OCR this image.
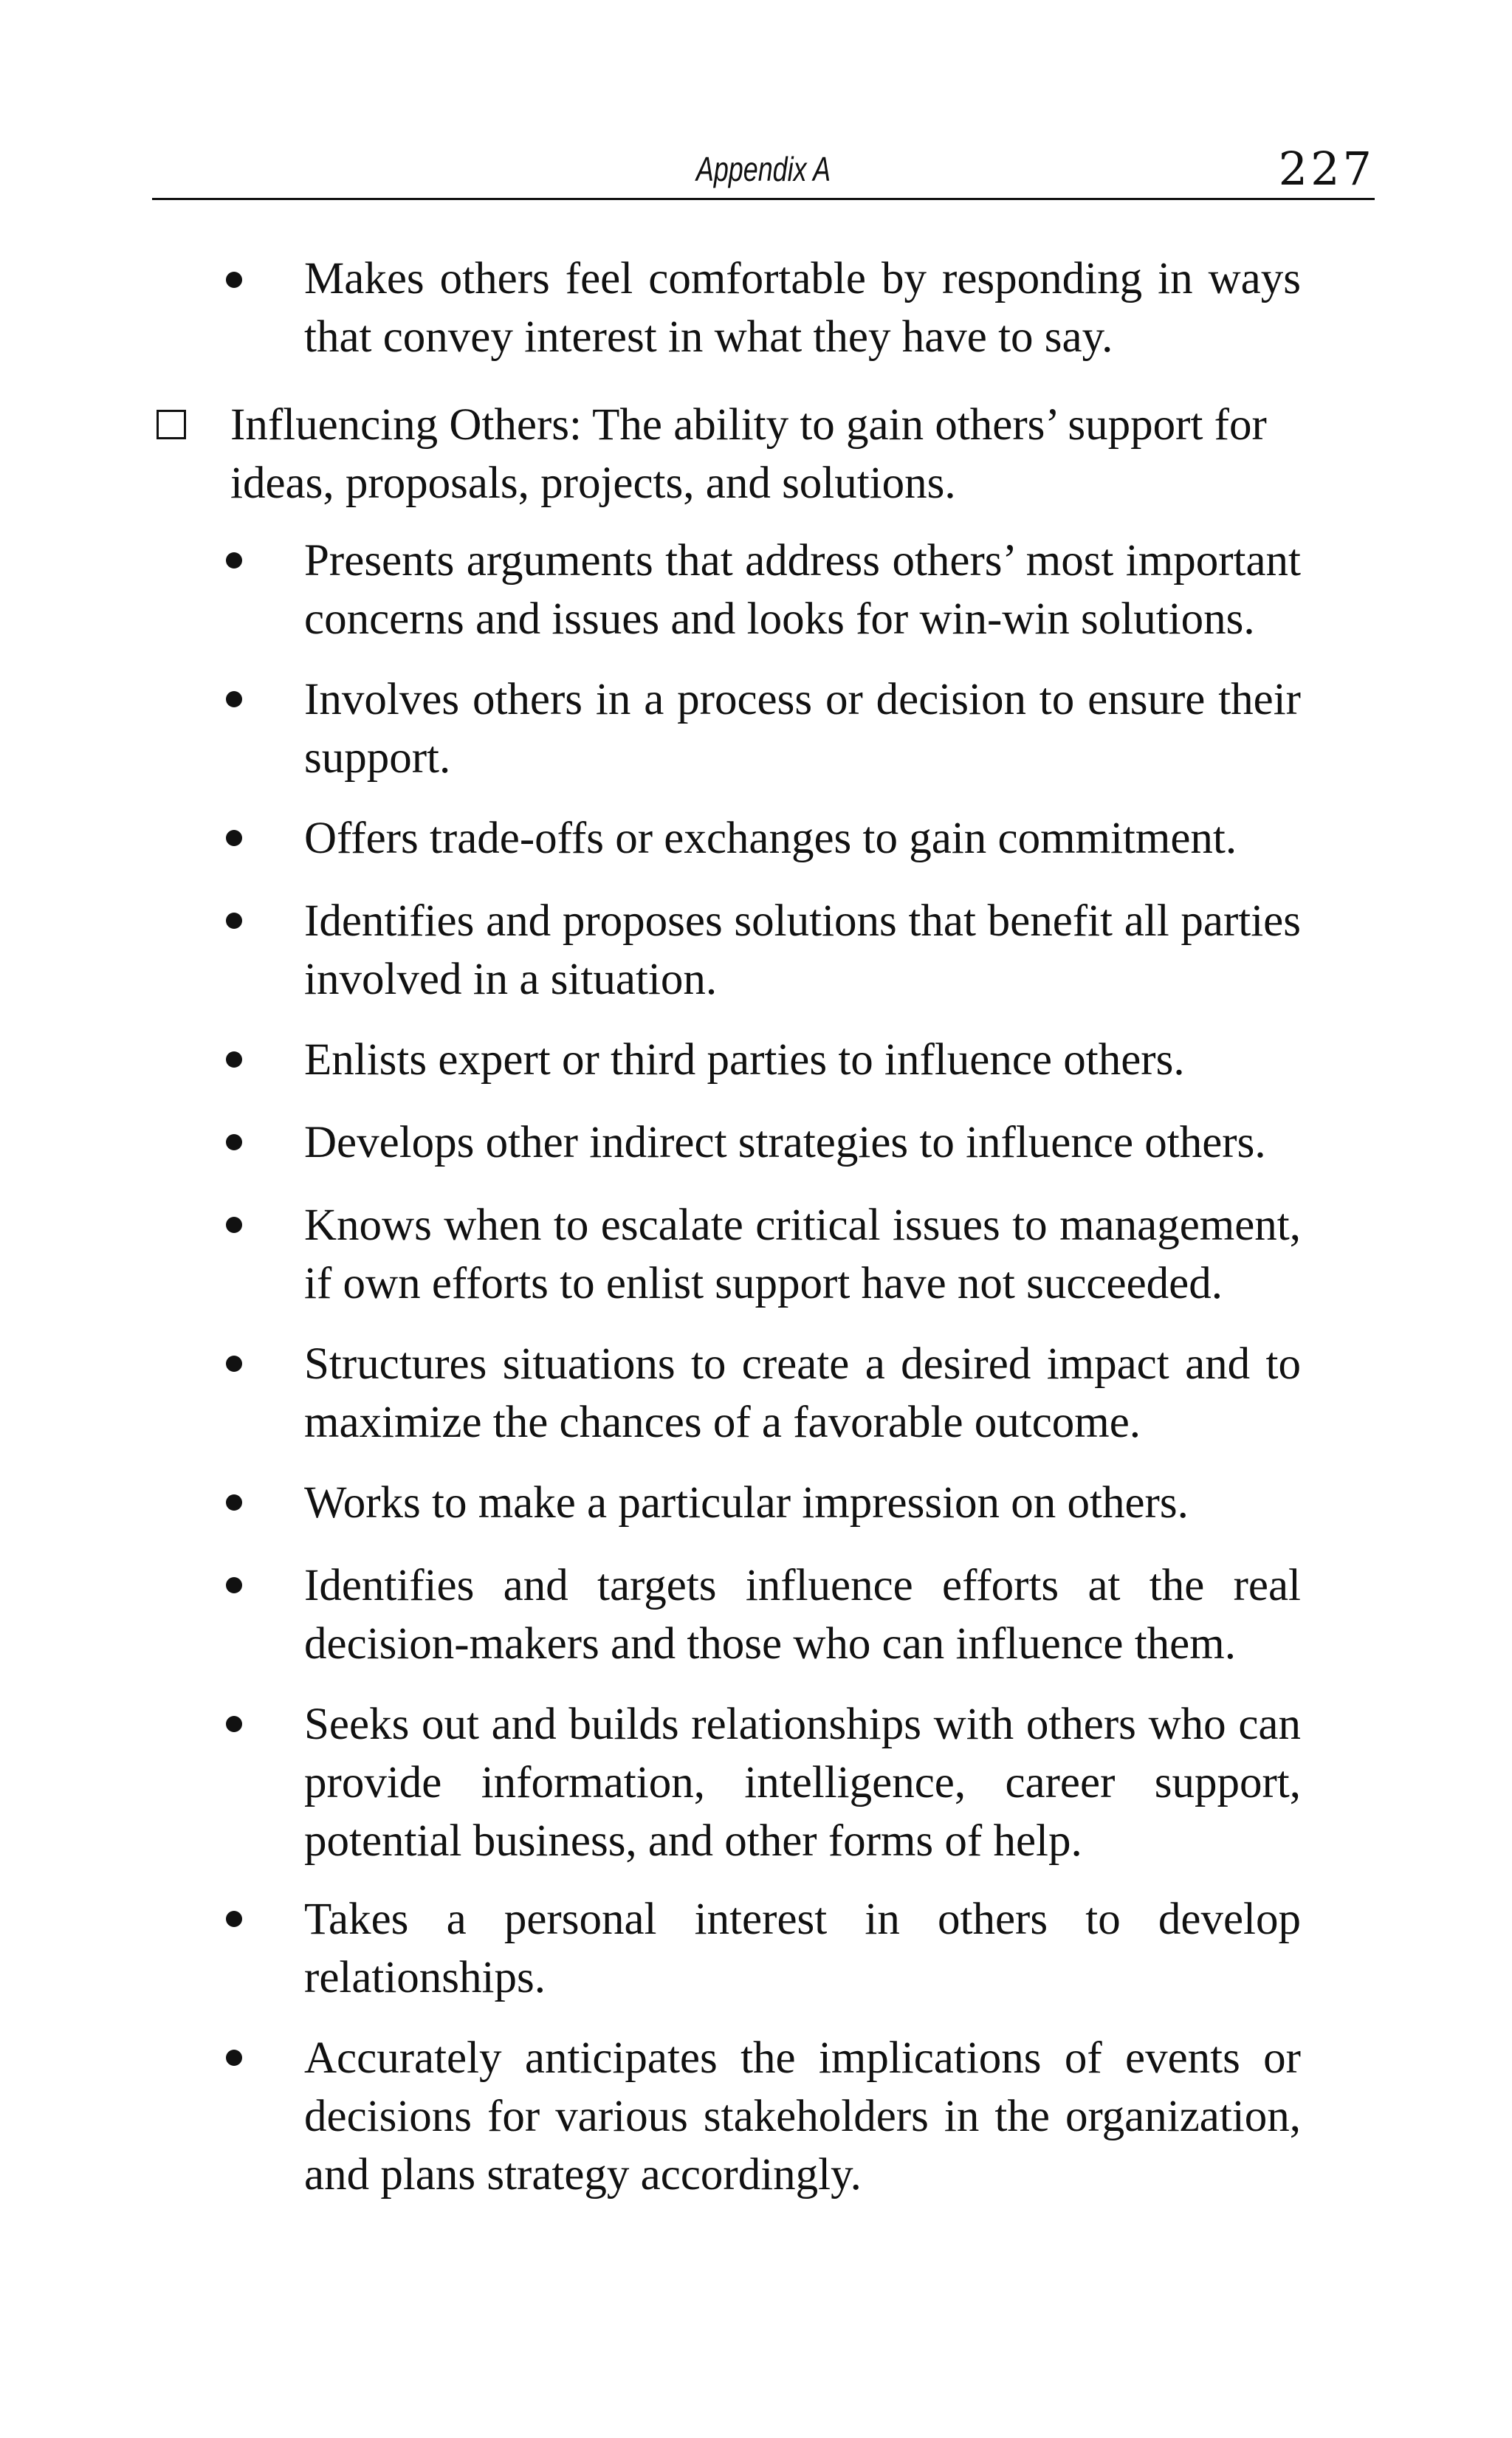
Appendix A	227
Makes others feel comfortable by responding in ways that convey interest in what they have to say.
Influencing Others: The ability to gain others’ support for ideas, proposals, projects, and solutions.
Presents arguments that address others’ most important concerns and issues and looks for win-win solutions.
Involves others in a process or decision to ensure their support.
Offers trade-offs or exchanges to gain commitment.
Identifies and proposes solutions that benefit all parties involved in a situation.
Enlists expert or third parties to influence others.
Develops other indirect strategies to influence others.
Knows when to escalate critical issues to management, if own efforts to enlist support have not succeeded.
Structures situations to create a desired impact and to maximize the chances of a favorable outcome.
Works to make a particular impression on others.
Identifies and targets influence efforts at the real decision-makers and those who can influence them.
Seeks out and builds relationships with others who can provide information, intelligence, career support, potential business, and other forms of help.
Takes a personal interest in others to develop relationships.
Accurately anticipates the implications of events or decisions for various stakeholders in the organization, and plans strategy accordingly.
